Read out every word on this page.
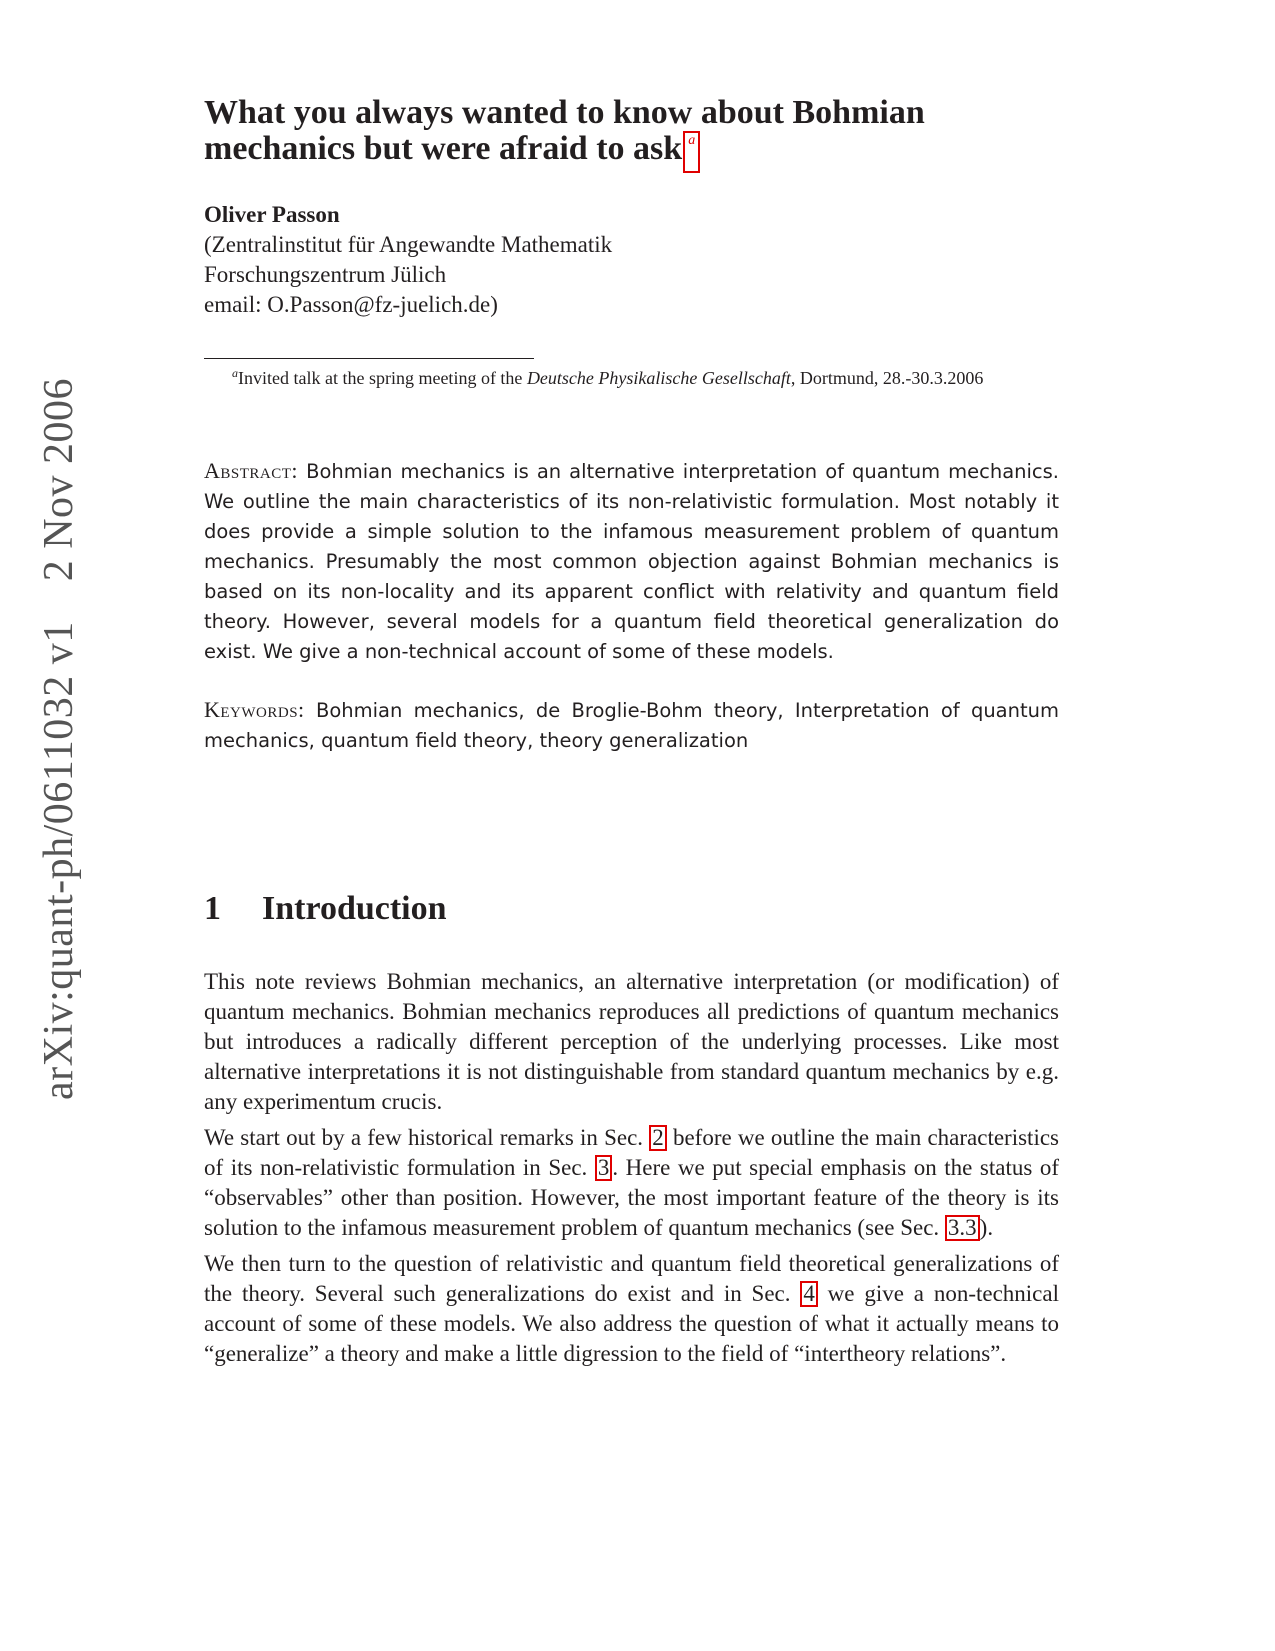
arXiv:quant-ph/0611032 v12 Nov 2006
What you always wanted to know about Bohmian mechanics but were afraid to ask a
Oliver Passon
(Zentralinstitut für Angewandte Mathematik
Forschungszentrum Jülich
email: O.Passon@fz-juelich.de)
$^a$Invited talk at the spring meeting of the Deutsche Physikalische Gesellschaft, Dortmund, 28.-30.3.2006
Abstract: Bohmian mechanics is an alternative interpretation of quantum mechanics. We outline the main characteristics of its non-relativistic formulation. Most notably it does provide a simple solution to the infamous measurement problem of quantum mechanics. Presumably the most common objection against Bohmian mechanics is based on its non-locality and its apparent conflict with relativity and quantum field theory. However, several models for a quantum field theoretical generalization do exist. We give a non-technical account of some of these models.
Keywords: Bohmian mechanics, de Broglie-Bohm theory, Interpretation of quantum mechanics, quantum field theory, theory generalization
1 Introduction

This note reviews Bohmian mechanics, an alternative interpretation (or modification) of quantum mechanics. Bohmian mechanics reproduces all predictions of quantum mechanics but introduces a radically different perception of the underlying processes. Like most alternative interpretations it is not distinguishable from standard quantum mechanics by e.g. any experimentum crucis.

We start out by a few historical remarks in Sec. 2 before we outline the main characteristics of its non-relativistic formulation in Sec. 3 . Here we put special emphasis on the status of “observables” other than position. However, the most important feature of the theory is its solution to the infamous measurement problem of quantum mechanics (see Sec. 3.3 ).

We then turn to the question of relativistic and quantum field theoretical generalizations of the theory. Several such generalizations do exist and in Sec. 4 we give a non-technical account of some of these models. We also address the question of what it actually means to “generalize” a theory and make a little digression to the field of “intertheory relations”.
